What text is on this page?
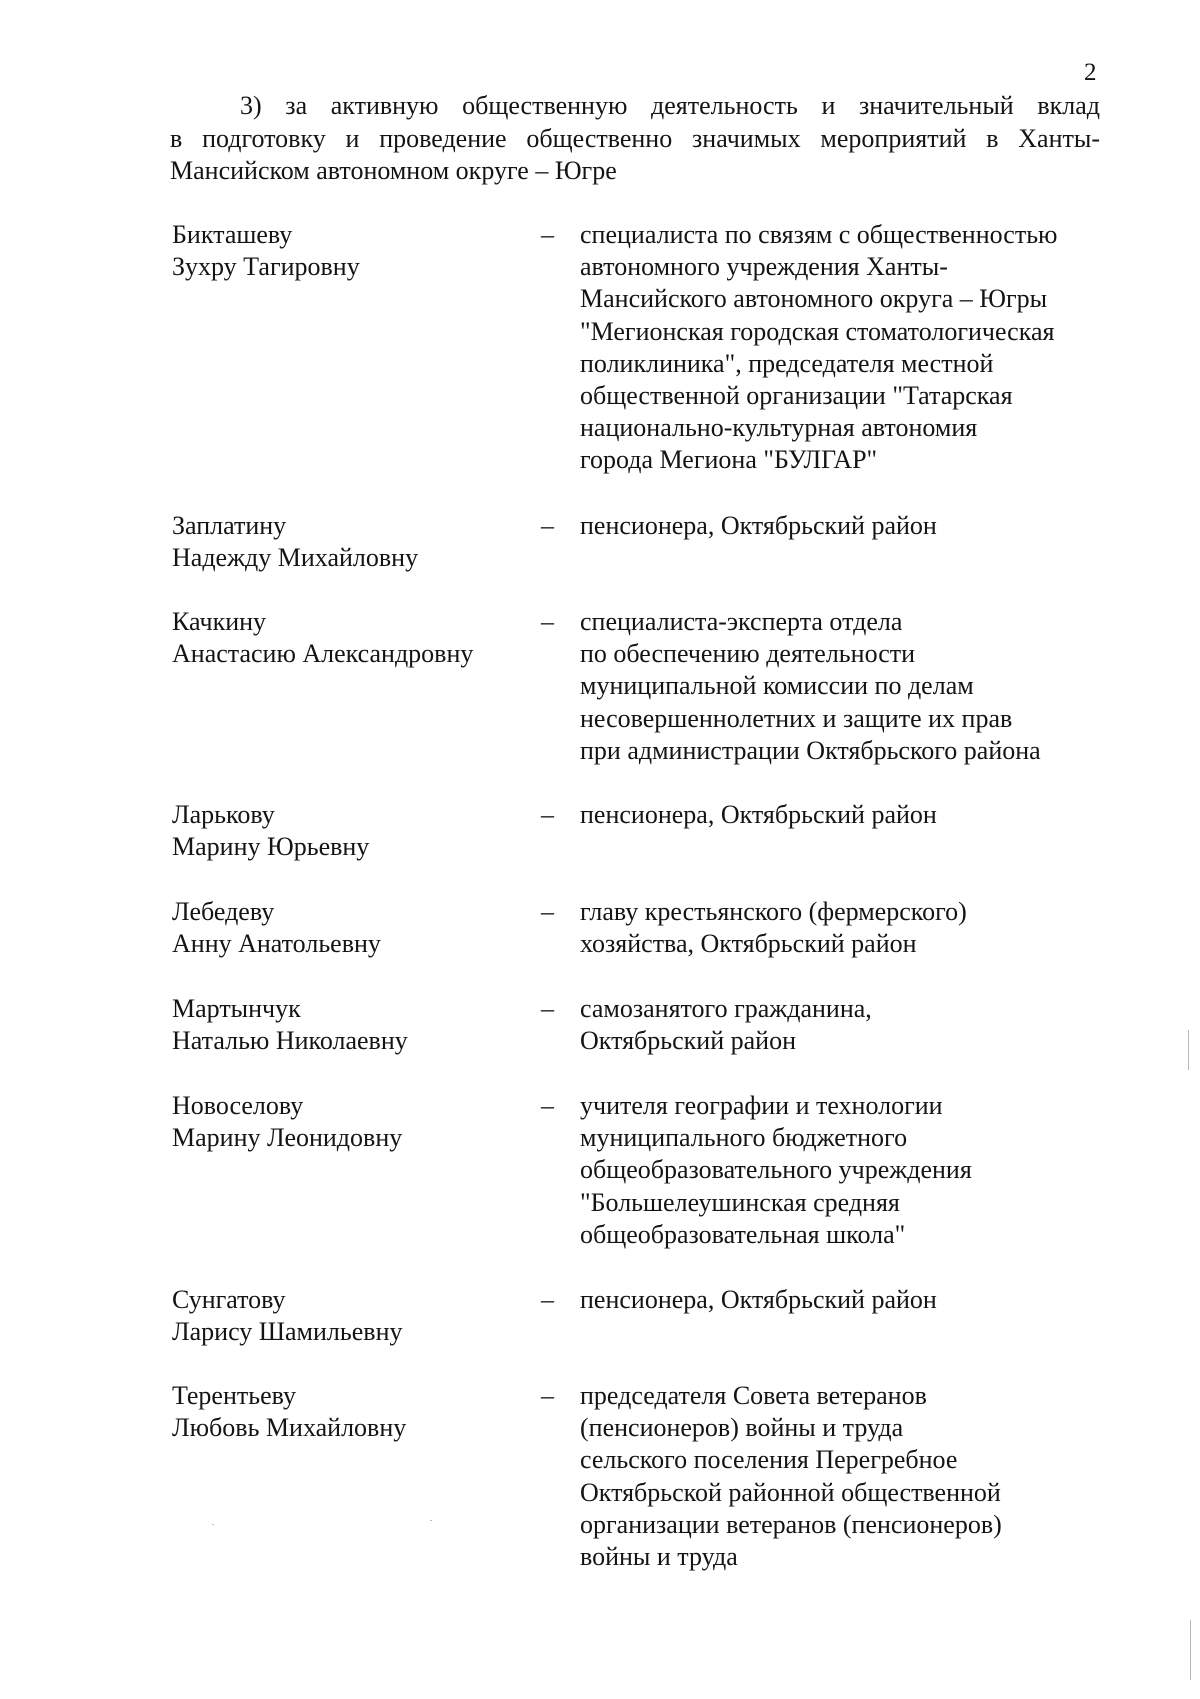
2

3) за активную общественную деятельность и значительный вклад

в подготовку и проведение общественно значимых мероприятий в Ханты-

Мансийском автономном округе – Югре

Бикташеву
Зухру Тагировну
– специалиста по связям с общественностью
автономного учреждения Ханты-
Мансийского автономного округа – Югры
"Мегионская городская стоматологическая
поликлиника", председателя местной
общественной организации "Татарская
национально-культурная автономия
города Мегиона "БУЛГАР"
Заплатину
Надежду Михайловну
– пенсионера, Октябрьский район
Качкину
Анастасию Александровну
– специалиста-эксперта отдела
по обеспечению деятельности
муниципальной комиссии по делам
несовершеннолетних и защите их прав
при администрации Октябрьского района
Ларькову
Марину Юрьевну
– пенсионера, Октябрьский район
Лебедеву
Анну Анатольевну
– главу крестьянского (фермерского)
хозяйства, Октябрьский район
Мартынчук
Наталью Николаевну
– самозанятого гражданина,
Октябрьский район
Новоселову
Марину Леонидовну
– учителя географии и технологии
муниципального бюджетного
общеобразовательного учреждения
"Большелеушинская средняя
общеобразовательная школа"
Сунгатову
Ларису Шамильевну
– пенсионера, Октябрьский район
Терентьеву
Любовь Михайловну
– председателя Совета ветеранов
(пенсионеров) войны и труда
сельского поселения Перегребное
Октябрьской районной общественной
организации ветеранов (пенсионеров)
войны и труда
